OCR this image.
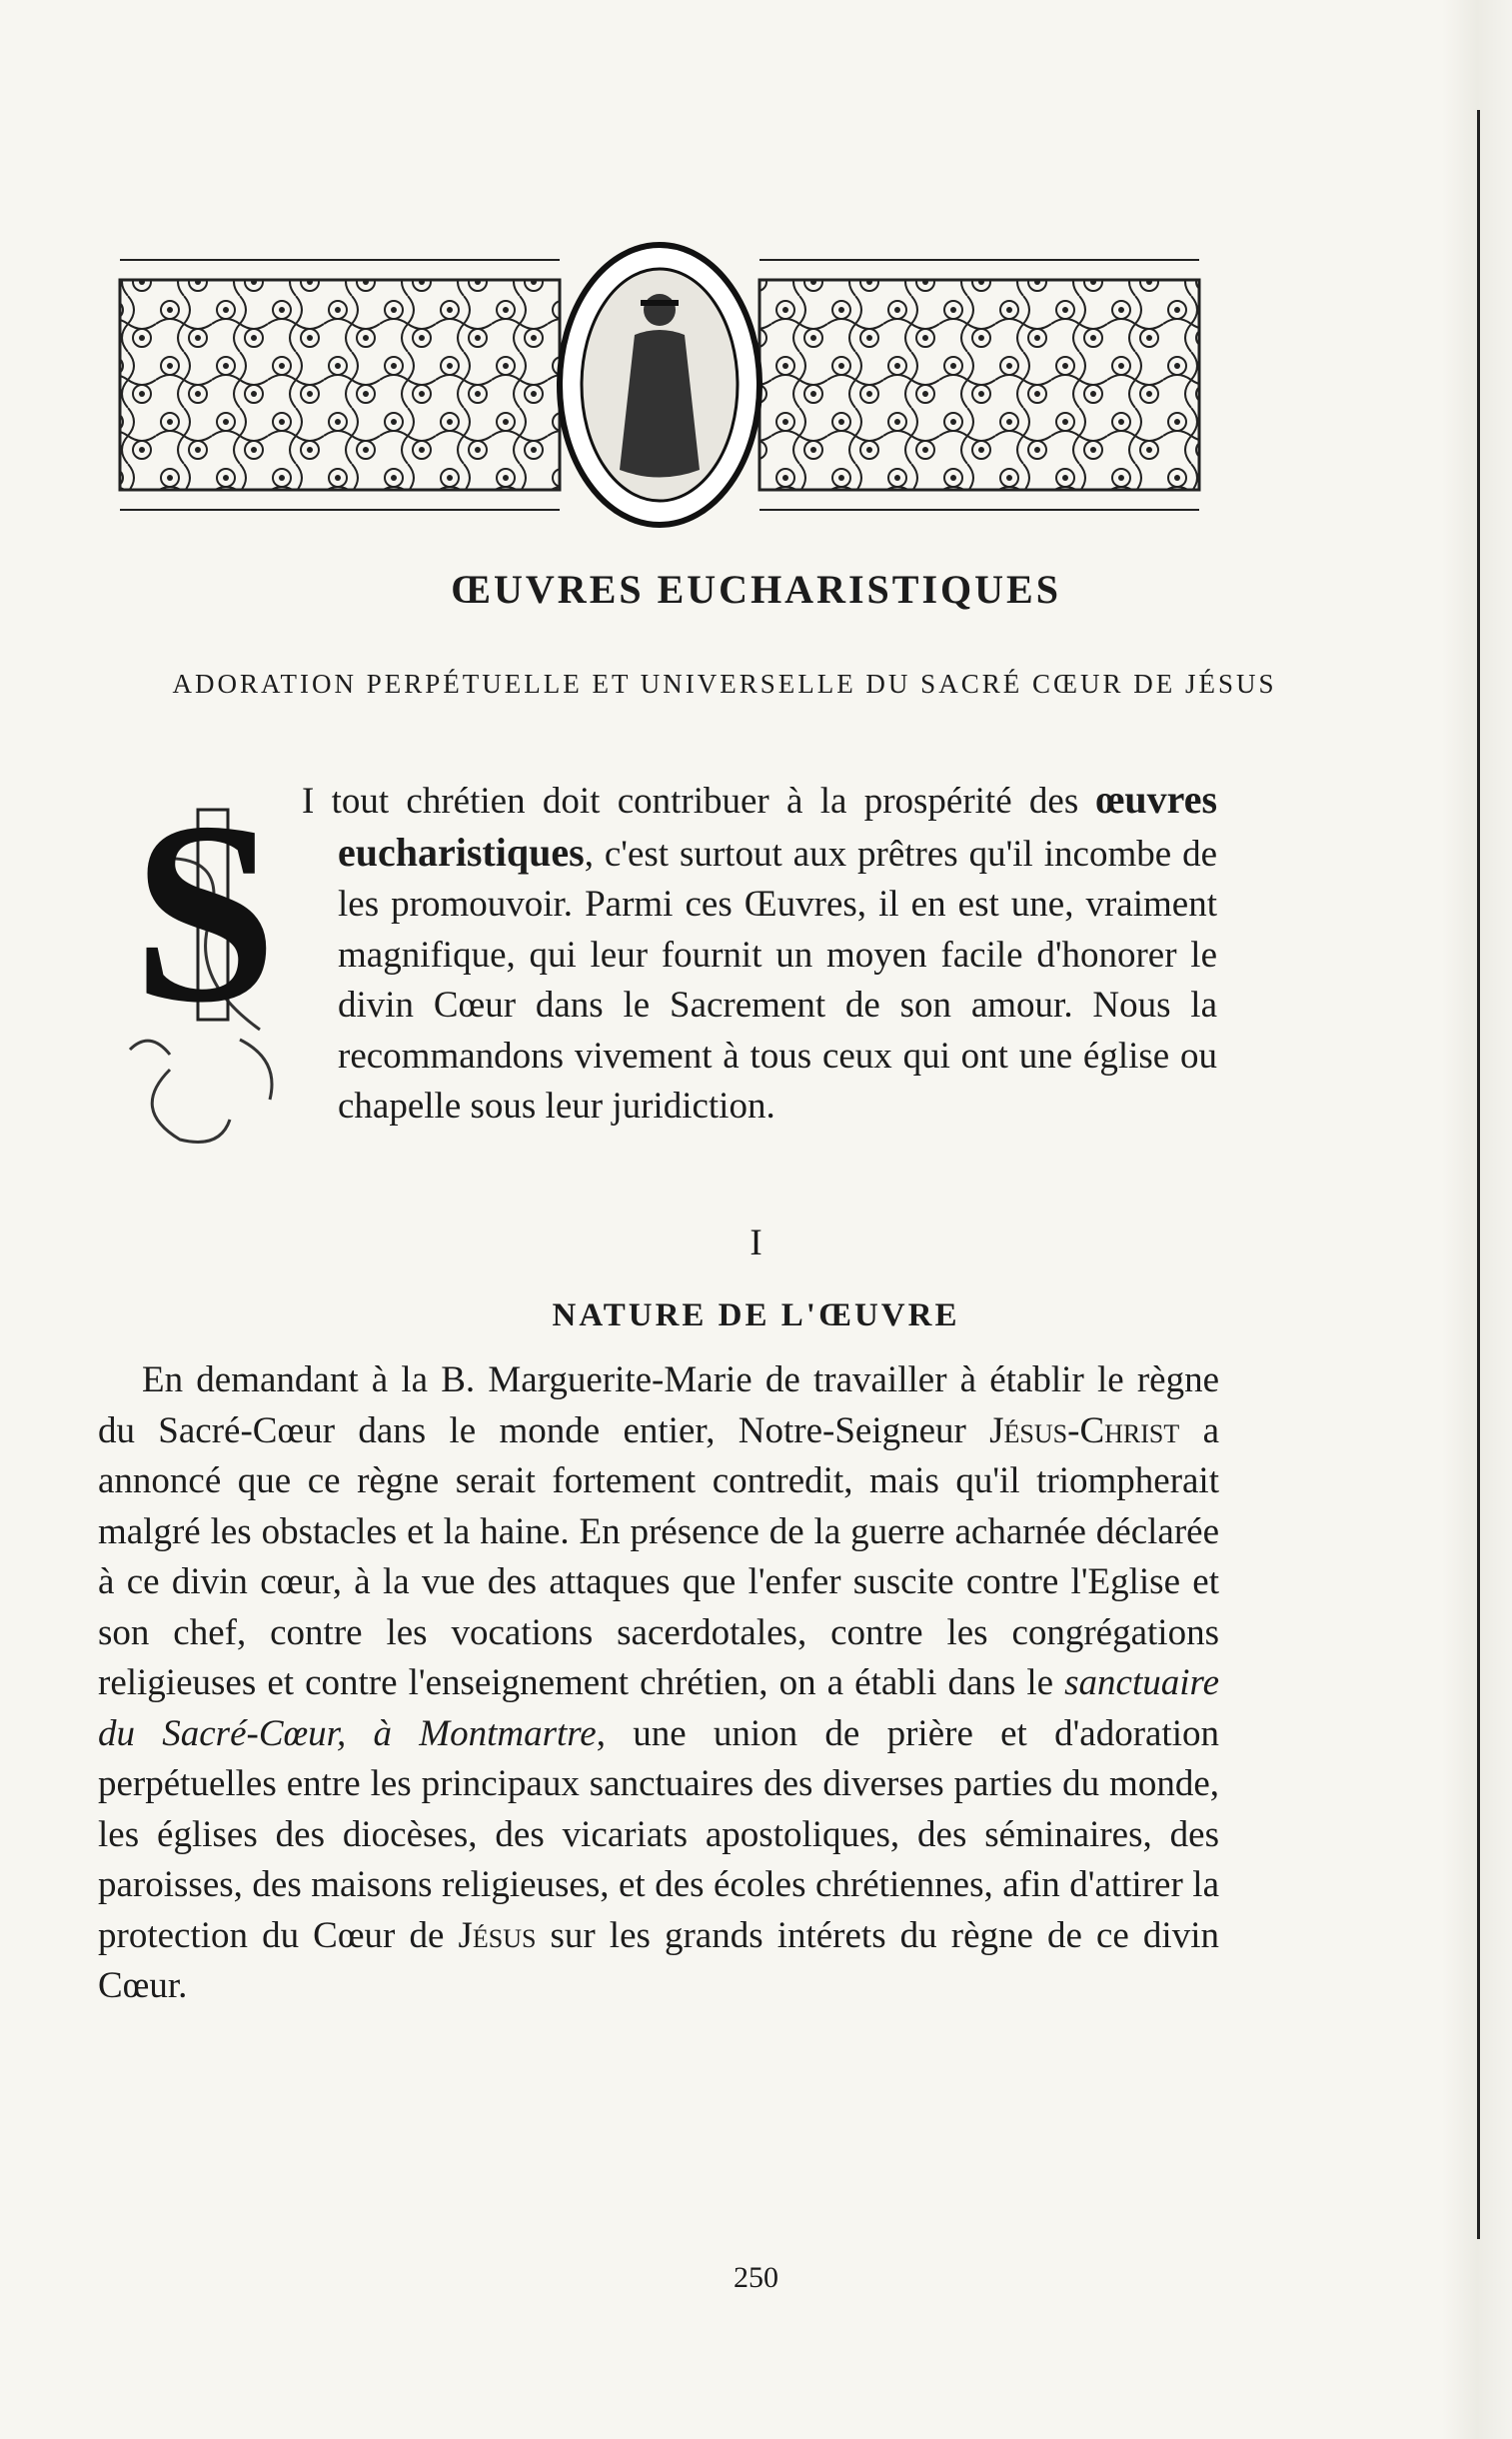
ŒUVRES EUCHARISTIQUES
ADORATION PERPÉTUELLE ET UNIVERSELLE DU SACRÉ CŒUR DE JÉSUS
S I tout chrétien doit contribuer à la prospérité des œuvres eucharistiques, c'est surtout aux prêtres qu'il incombe de les promouvoir. Parmi ces Œuvres, il en est une, vraiment magnifique, qui leur fournit un moyen facile d'honorer le divin Cœur dans le Sacrement de son amour. Nous la recommandons vivement à tous ceux qui ont une église ou chapelle sous leur juridiction.
I
NATURE DE L'ŒUVRE
En demandant à la B. Marguerite-Marie de travailler à établir le règne du Sacré-Cœur dans le monde entier, Notre-Seigneur Jésus-Christ a annoncé que ce règne serait fortement contredit, mais qu'il triompherait malgré les obstacles et la haine. En présence de la guerre acharnée déclarée à ce divin cœur, à la vue des attaques que l'enfer suscite contre l'Eglise et son chef, contre les vocations sacerdotales, contre les congrégations religieuses et contre l'enseignement chrétien, on a établi dans le sanctuaire du Sacré-Cœur, à Montmartre, une union de prière et d'adoration perpétuelles entre les principaux sanctuaires des diverses parties du monde, les églises des diocèses, des vicariats apostoliques, des séminaires, des paroisses, des maisons religieuses, et des écoles chrétiennes, afin d'attirer la protection du Cœur de Jésus sur les grands intérets du règne de ce divin Cœur.
250
